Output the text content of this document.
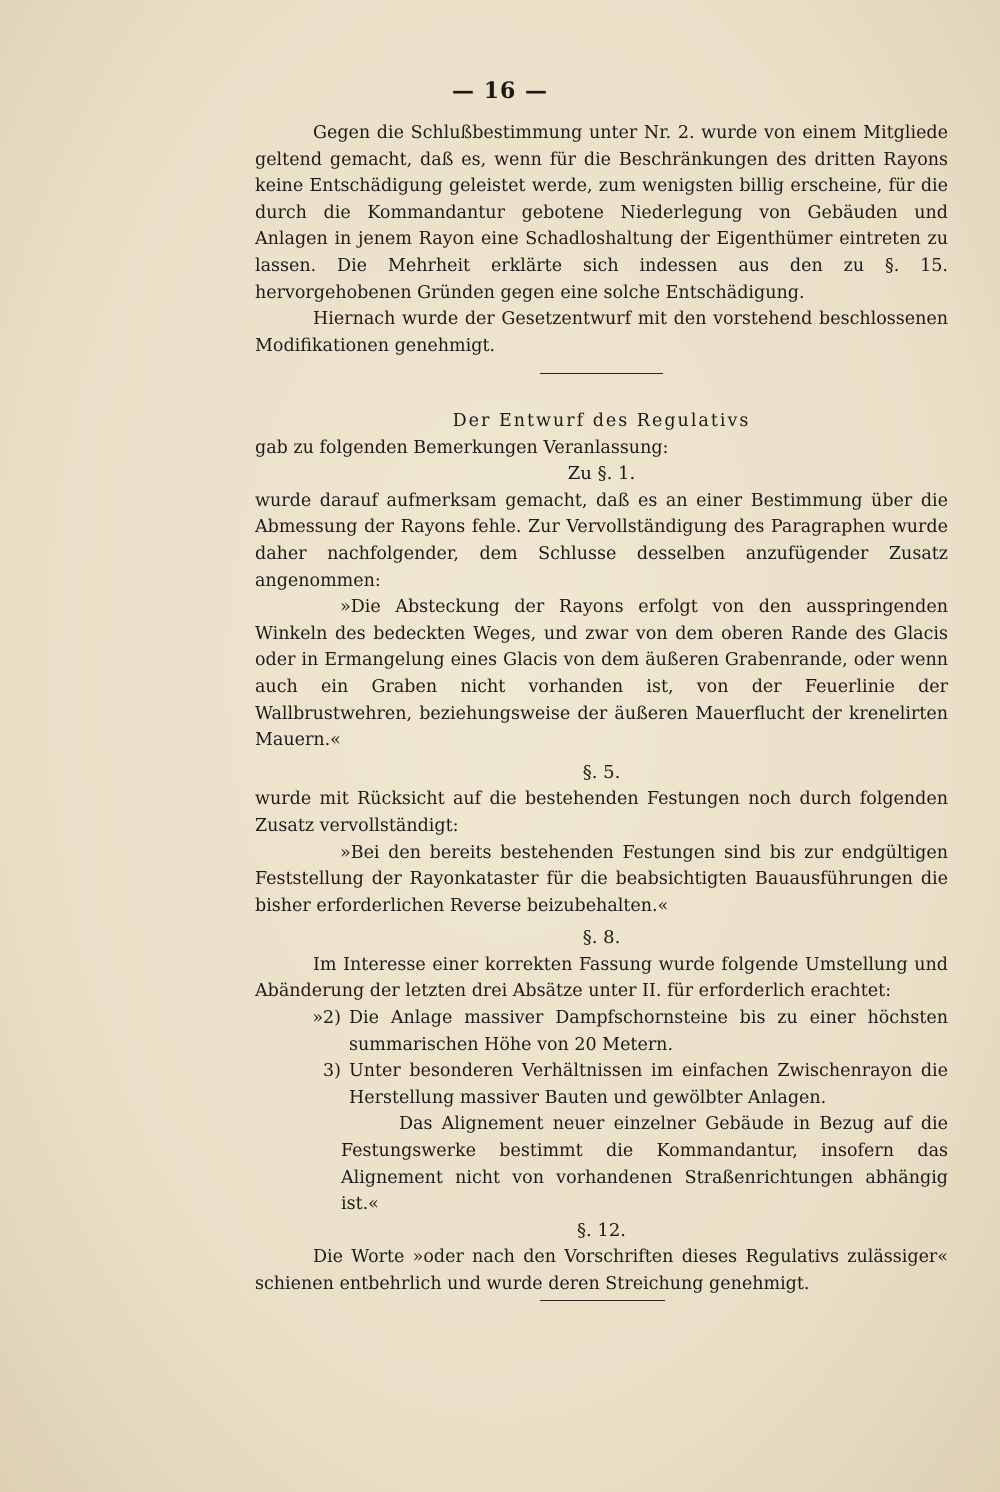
— 16 —

Gegen die Schlußbestimmung unter Nr. 2. wurde von einem Mitgliede geltend gemacht, daß es, wenn für die Beschränkungen des dritten Rayons keine Entschädigung geleistet werde, zum wenigsten billig erscheine, für die durch die Kommandantur gebotene Niederlegung von Gebäuden und Anlagen in jenem Rayon eine Schadloshaltung der Eigenthümer eintreten zu lassen. Die Mehrheit erklärte sich indessen aus den zu §. 15. hervorgehobenen Gründen gegen eine solche Entschädigung.

Hiernach wurde der Gesetzentwurf mit den vorstehend beschlossenen Modifikationen genehmigt.

Der Entwurf des Regulativs

gab zu folgenden Bemerkungen Veranlassung:

Zu §. 1.

wurde darauf aufmerksam gemacht, daß es an einer Bestimmung über die Abmessung der Rayons fehle. Zur Vervollständigung des Paragraphen wurde daher nachfolgender, dem Schlusse desselben anzufügender Zusatz angenommen:

»Die Absteckung der Rayons erfolgt von den ausspringenden Winkeln des bedeckten Weges, und zwar von dem oberen Rande des Glacis oder in Ermangelung eines Glacis von dem äußeren Grabenrande, oder wenn auch ein Graben nicht vorhanden ist, von der Feuerlinie der Wallbrustwehren, beziehungsweise der äußeren Mauerflucht der krenelirten Mauern.«

§. 5.

wurde mit Rücksicht auf die bestehenden Festungen noch durch folgenden Zusatz vervollständigt:

»Bei den bereits bestehenden Festungen sind bis zur endgültigen Feststellung der Rayonkataster für die beabsichtigten Bauausführungen die bisher erforderlichen Reverse beizubehalten.«

§. 8.

Im Interesse einer korrekten Fassung wurde folgende Umstellung und Abänderung der letzten drei Absätze unter II. für erforderlich erachtet:

»2) Die Anlage massiver Dampfschornsteine bis zu einer höchsten summarischen Höhe von 20 Metern.
3) Unter besonderen Verhältnissen im einfachen Zwischenrayon die Herstellung massiver Bauten und gewölbter Anlagen.

Das Alignement neuer einzelner Gebäude in Bezug auf die Festungswerke bestimmt die Kommandantur, insofern das Alignement nicht von vorhandenen Straßenrichtungen abhängig ist.«

§. 12.

Die Worte »oder nach den Vorschriften dieses Regulativs zulässiger« schienen entbehrlich und wurde deren Streichung genehmigt.
